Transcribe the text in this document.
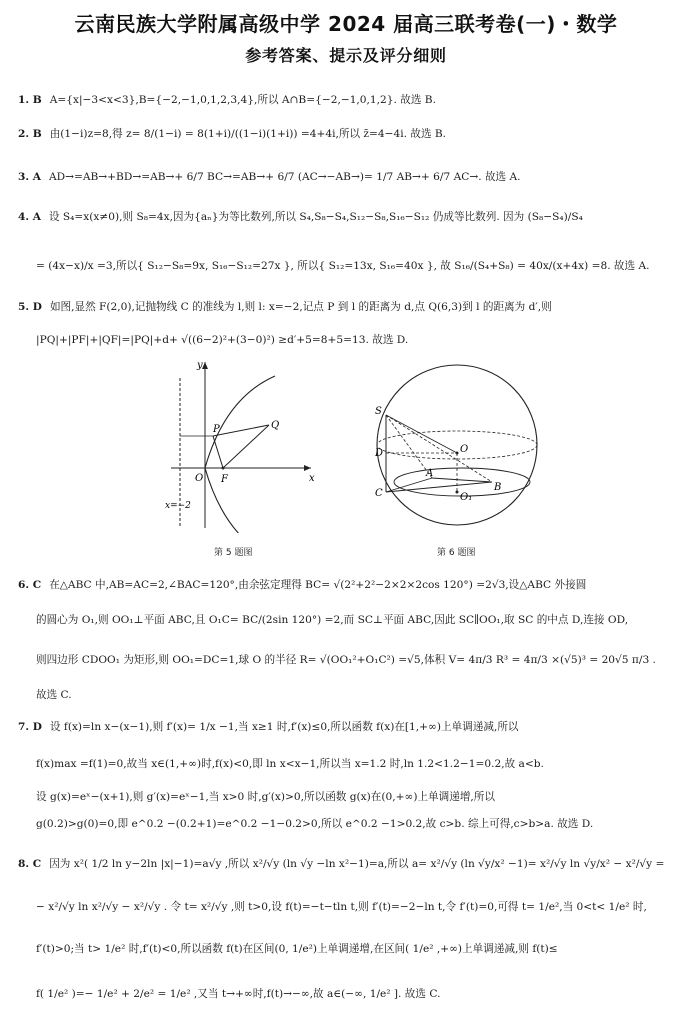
云南民族大学附属高级中学 2024 届高三联考卷(一)・数学
参考答案、提示及评分细则
1. B A={x|−3<x<3},B={−2,−1,0,1,2,3,4},所以 A∩B={−2,−1,0,1,2}. 故选 B.
2. B 由(1−i)z=8,得 z= 8/(1−i) = 8(1+i)/((1−i)(1+i)) =4+4i,所以 z̄=4−4i. 故选 B.
3. A AD→=AB→+BD→=AB→+ 6/7 BC→=AB→+ 6/7 (AC→−AB→)= 1/7 AB→+ 6/7 AC→. 故选 A.
4. A 设 S₄=x(x≠0),则 S₈=4x,因为{aₙ}为等比数列,所以 S₄,S₈−S₄,S₁₂−S₈,S₁₆−S₁₂ 仍成等比数列. 因为 (S₈−S₄)/S₄
= (4x−x)/x =3,所以{ S₁₂−S₈=9x, S₁₆−S₁₂=27x }, 所以{ S₁₂=13x, S₁₆=40x }, 故 S₁₆/(S₄+S₈) = 40x/(x+4x) =8. 故选 A.
5. D 如图,显然 F(2,0),记抛物线 C 的准线为 l,则 l: x=−2,记点 P 到 l 的距离为 d,点 Q(6,3)到 l 的距离为 d′,则
|PQ|+|PF|+|QF|=|PQ|+d+ √((6−2)²+(3−0)²) ≥d′+5=8+5=13. 故选 D.
y
x
O F
P	Q
x=−2
第 5 题图
S
D	O
A
B
C	O₁
第 6 题图
6. C 在△ABC 中,AB=AC=2,∠BAC=120°,由余弦定理得 BC= √(2²+2²−2×2×2cos 120°) =2√3,设△ABC 外接圆
的圆心为 O₁,则 OO₁⊥平面 ABC,且 O₁C= BC/(2sin 120°) =2,而 SC⊥平面 ABC,因此 SC∥OO₁,取 SC 的中点 D,连接 OD,
则四边形 CDOO₁ 为矩形,则 OO₁=DC=1,球 O 的半径 R= √(OO₁²+O₁C²) =√5,体积 V= 4π/3 R³ = 4π/3 ×(√5)³ = 20√5 π/3 .
故选 C.
7. D 设 f(x)=ln x−(x−1),则 f′(x)= 1/x −1,当 x≥1 时,f′(x)≤0,所以函数 f(x)在[1,+∞)上单调递减,所以
f(x)max =f(1)=0,故当 x∈(1,+∞)时,f(x)<0,即 ln x<x−1,所以当 x=1.2 时,ln 1.2<1.2−1=0.2,故 a<b.
设 g(x)=eˣ−(x+1),则 g′(x)=eˣ−1,当 x>0 时,g′(x)>0,所以函数 g(x)在(0,+∞)上单调递增,所以
g(0.2)>g(0)=0,即 e^0.2 −(0.2+1)=e^0.2 −1−0.2>0,所以 e^0.2 −1>0.2,故 c>b. 综上可得,c>b>a. 故选 D.
8. C 因为 x²( 1/2 ln y−2ln |x|−1)=a√y ,所以 x²/√y (ln √y −ln x²−1)=a,所以 a= x²/√y (ln √y/x² −1)= x²/√y ln √y/x² − x²/√y =
− x²/√y ln x²/√y − x²/√y . 令 t= x²/√y ,则 t>0,设 f(t)=−t−tln t,则 f′(t)=−2−ln t,令 f′(t)=0,可得 t= 1/e²,当 0<t< 1/e² 时,
f′(t)>0;当 t> 1/e² 时,f′(t)<0,所以函数 f(t)在区间(0, 1/e²)上单调递增,在区间( 1/e² ,+∞)上单调递减,则 f(t)≤
f( 1/e² )=− 1/e² + 2/e² = 1/e² ,又当 t→+∞时,f(t)→−∞,故 a∈(−∞, 1/e² ]. 故选 C.
